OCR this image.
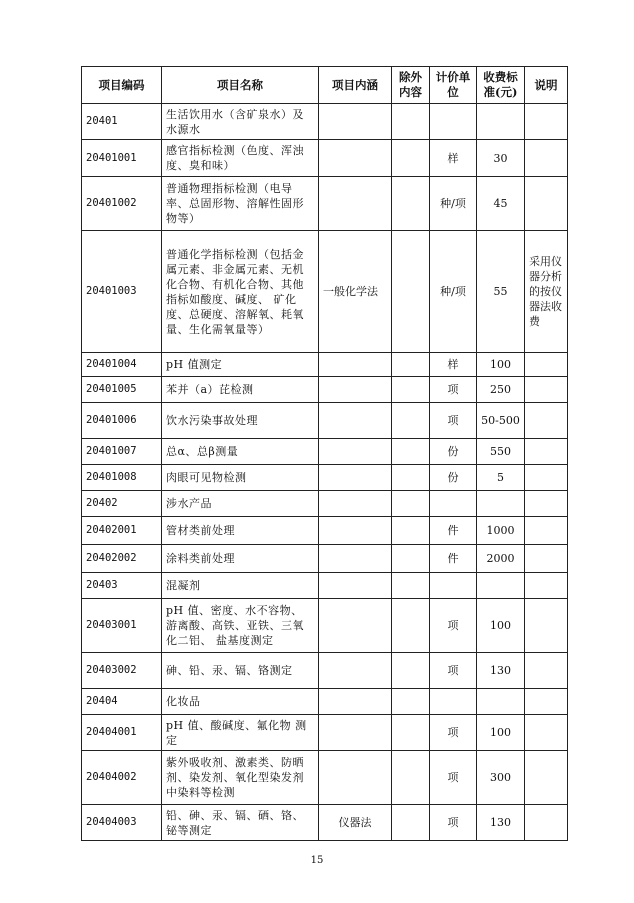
项目编码	项目名称	项目内涵	除外内容	计价单位	收费标准(元)	说明
20401	生活饮用水（含矿泉水）及水源水					
20401001	感官指标检测（色度、浑浊度、臭和味）			样	30	
20401002	普通物理指标检测（电导率、总固形物、溶解性固形物等）			种/项	45	
20401003	普通化学指标检测（包括金属元素、非金属元素、无机化合物、有机化合物、其他指标如酸度、碱度、 矿化度、总硬度、溶解氧、耗氧量、生化需氧量等）	一般化学法		种/项	55	采用仪器分析的按仪器法收费
20401004	pH 值测定			样	100	
20401005	苯并（a）芘检测			项	250	
20401006	饮水污染事故处理			项	50-500	
20401007	总α、总β测量			份	550	
20401008	肉眼可见物检测			份	5	
20402	涉水产品					
20402001	管材类前处理			件	1000	
20402002	涂料类前处理			件	2000	
20403	混凝剂					
20403001	pH 值、密度、水不容物、游离酸、高铁、亚铁、三氧化二铝、 盐基度测定			项	100	
20403002	砷、铅、汞、镉、铬测定			项	130	
20404	化妆品					
20404001	pH 值、酸碱度、氟化物 测定			项	100	
20404002	紫外吸收剂、激素类、防晒剂、染发剂、氧化型染发剂中染料等检测			项	300	
20404003	铅、砷、汞、镉、硒、铬、铋等测定	仪器法		项	130	
15
